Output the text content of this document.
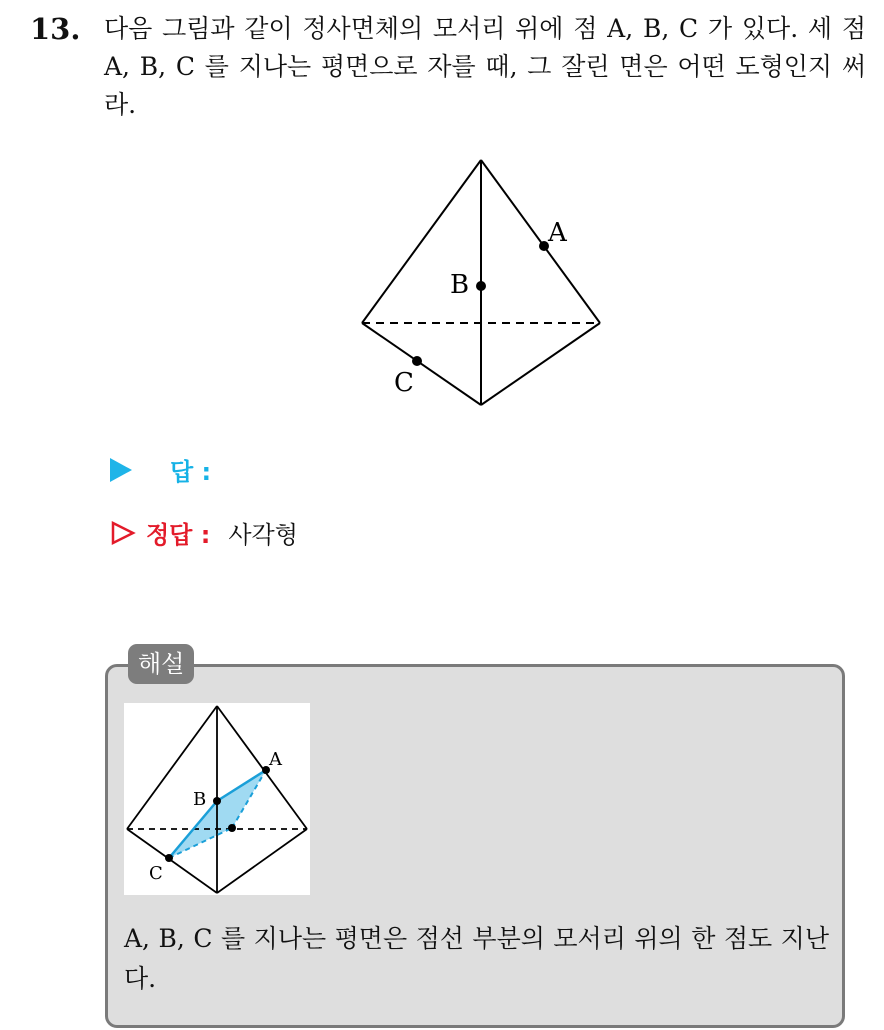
13. 다음 그림과 같이 정사면체의 모서리 위에 점 A, B, C 가 있다. 세 점 A, B, C 를 지나는 평면으로 자를 때, 그 잘린 면은 어떤 도형인지 써라.
A
B
C
답 :
정답 : 사각형
해설
A
B
C
A, B, C 를 지나는 평면은 점선 부분의 모서리 위의 한 점도 지난다.
